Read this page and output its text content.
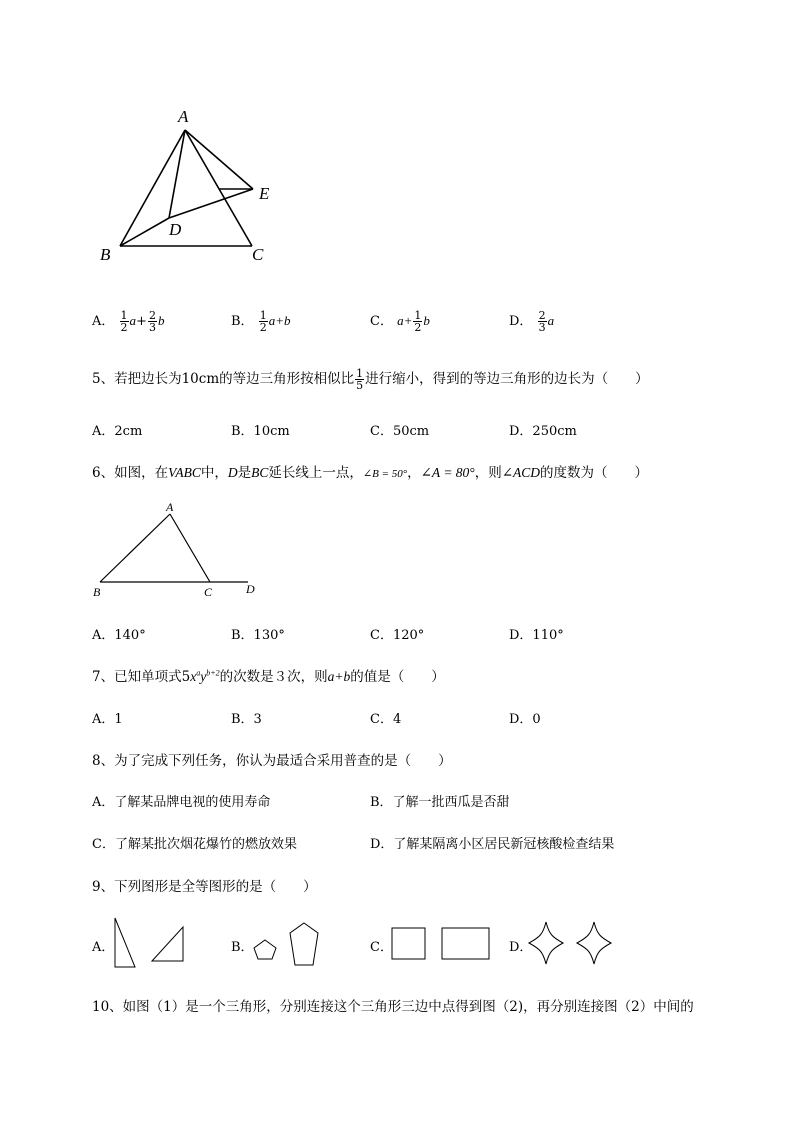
A
E
D
B	C
A． $\frac{1}{2} a+ \frac{2}{3}$ b	B． $\frac{1}{2} a+b$	C． $a+ \frac{1}{2}$ b	D． $\frac{2}{3}$ a
5、若把边长为10cm的等边三角形按相似比 $\frac{1}{5}$ 进行缩小，得到的等边三角形的边长为（　　）
A．2cm	B．10cm	C．50cm	D．250cm
6、如图，在VABC中，D是BC延长线上一点，∠B = 50°，∠A = 80°，则∠ACD的度数为（　　）
A
B	C	D
A．140°	B．130°	C．120°	D．110°
7、已知单项式$5x^ay^{b+2}$的次数是３次，则a+b的值是（　　）
A．1	B．3	C．4	D．0
8、为了完成下列任务，你认为最适合采用普查的是（　　）
A．了解某品牌电视的使用寿命	B．了解一批西瓜是否甜
C．了解某批次烟花爆竹的燃放效果	D．了解某隔离小区居民新冠核酸检查结果
9、下列图形是全等图形的是（　　）
A．	B．	C．	D．
10、如图（1）是一个三角形，分别连接这个三角形三边中点得到图（2)，再分别连接图（2）中间的
